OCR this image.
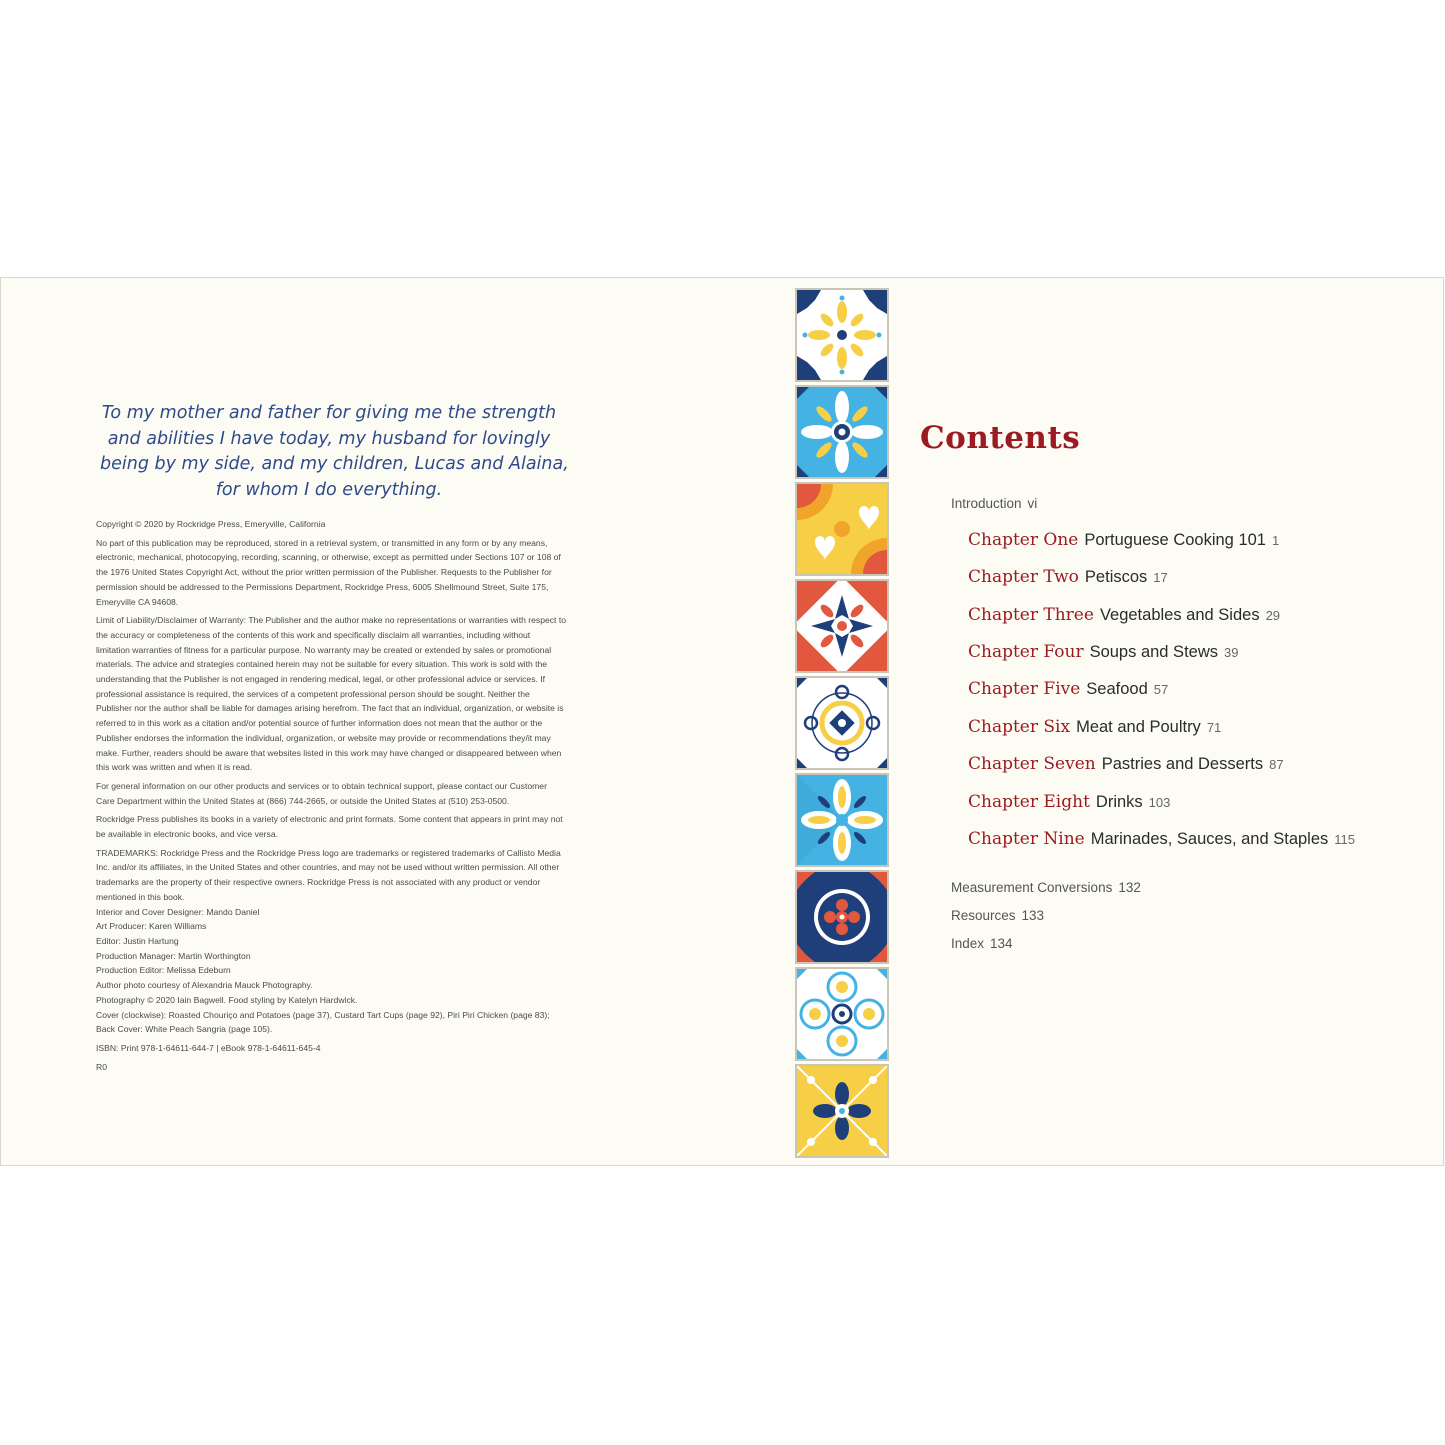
To my mother and father for giving me the strength
and abilities I have today, my husband for lovingly
being by my side, and my children, Lucas and Alaina,
for whom I do everything.

Copyright © 2020 by Rockridge Press, Emeryville, California

No part of this publication may be reproduced, stored in a retrieval system, or transmitted in any form or by any means, electronic, mechanical, photocopying, recording, scanning, or otherwise, except as permitted under Sections 107 or 108 of the 1976 United States Copyright Act, without the prior written permission of the Publisher. Requests to the Publisher for permission should be addressed to the Permissions Department, Rockridge Press, 6005 Shellmound Street, Suite 175, Emeryville CA 94608.

Limit of Liability/Disclaimer of Warranty: The Publisher and the author make no representations or warranties with respect to the accuracy or completeness of the contents of this work and specifically disclaim all warranties, including without limitation warranties of fitness for a particular purpose. No warranty may be created or extended by sales or promotional materials. The advice and strategies contained herein may not be suitable for every situation. This work is sold with the understanding that the Publisher is not engaged in rendering medical, legal, or other professional advice or services. If professional assistance is required, the services of a competent professional person should be sought. Neither the Publisher nor the author shall be liable for damages arising herefrom. The fact that an individual, organization, or website is referred to in this work as a citation and/or potential source of further information does not mean that the author or the Publisher endorses the information the individual, organization, or website may provide or recommendations they/it may make. Further, readers should be aware that websites listed in this work may have changed or disappeared between when this work was written and when it is read.

For general information on our other products and services or to obtain technical support, please contact our Customer Care Department within the United States at (866) 744-2665, or outside the United States at (510) 253-0500.

Rockridge Press publishes its books in a variety of electronic and print formats. Some content that appears in print may not be available in electronic books, and vice versa.

TRADEMARKS: Rockridge Press and the Rockridge Press logo are trademarks or registered trademarks of Callisto Media Inc. and/or its affiliates, in the United States and other countries, and may not be used without written permission. All other trademarks are the property of their respective owners. Rockridge Press is not associated with any product or vendor mentioned in this book.

Interior and Cover Designer: Mando Daniel

Art Producer: Karen Williams

Editor: Justin Hartung

Production Manager: Martin Worthington

Production Editor: Melissa Edeburn

Author photo courtesy of Alexandria Mauck Photography.

Photography © 2020 Iain Bagwell. Food styling by Katelyn Hardwick.

Cover (clockwise): Roasted Chouriço and Potatoes (page 37), Custard Tart Cups (page 92), Piri Piri Chicken (page 83); Back Cover: White Peach Sangria (page 105).

ISBN: Print 978-1-64611-644-7 | eBook 978-1-64611-645-4

R0

Contents
Introduction vi
Chapter One Portuguese Cooking 101 1
Chapter Two Petiscos 17
Chapter Three Vegetables and Sides 29
Chapter Four Soups and Stews 39
Chapter Five Seafood 57
Chapter Six Meat and Poultry 71
Chapter Seven Pastries and Desserts 87
Chapter Eight Drinks 103
Chapter Nine Marinades, Sauces, and Staples 115
Measurement Conversions 132
Resources 133
Index 134
